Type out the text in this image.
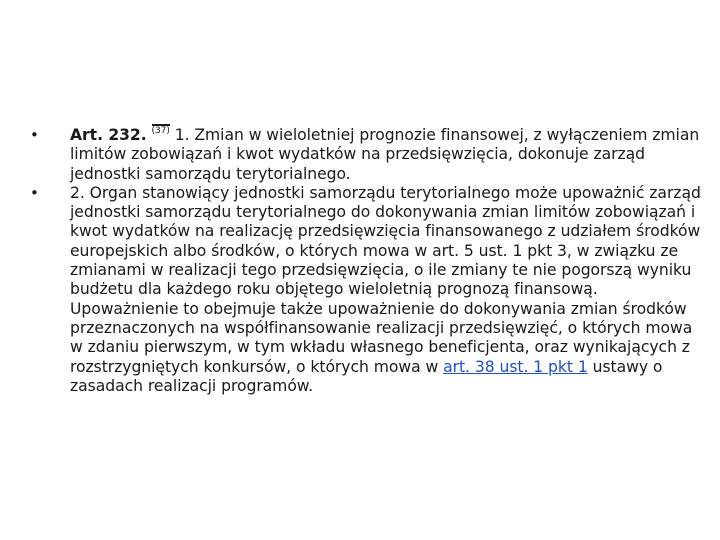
•	Art. 232. $^{(37)}$ 1. Zmian w wieloletniej prognozie finansowej, z wyłączeniem zmian limitów zobowiązań i kwot wydatków na przedsięwzięcia, dokonuje zarząd jednostki samorządu terytorialnego.
•	2. Organ stanowiący jednostki samorządu terytorialnego może upoważnić zarząd jednostki samorządu terytorialnego do dokonywania zmian limitów zobowiązań i kwot wydatków na realizację przedsięwzięcia finansowanego z udziałem środków europejskich albo środków, o których mowa w art. 5 ust. 1 pkt 3, w związku ze zmianami w realizacji tego przedsięwzięcia, o ile zmiany te nie pogorszą wyniku budżetu dla każdego roku objętego wieloletnią prognozą finansową. Upoważnienie to obejmuje także upoważnienie do dokonywania zmian środków przeznaczonych na współfinansowanie realizacji przedsięwzięć, o których mowa w zdaniu pierwszym, w tym wkładu własnego beneficjenta, oraz wynikających z rozstrzygniętych konkursów, o których mowa w art. 38 ust. 1 pkt 1 ustawy o zasadach realizacji programów.
